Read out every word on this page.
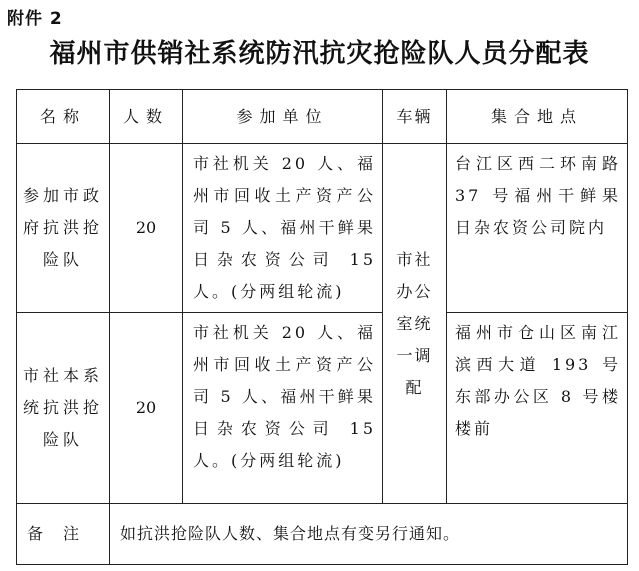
附件 2
福州市供销社系统防汛抗灾抢险队人员分配表
名称	人数	参加单位	车辆	集合地点
参加市政府抗洪抢险队	20	市社机关 20 人、福州市回收土产资产公司 5 人、福州干鲜果日杂农资公司 15 人。(分两组轮流)	市社办公室统一调配	台江区西二环南路 37 号福州干鲜果日杂农资公司院内
市社本系统抗洪抢险队	20	市社机关 20 人、福州市回收土产资产公司 5 人、福州干鲜果日杂农资公司 15 人。(分两组轮流)		福州市仓山区南江滨西大道 193 号东部办公区 8 号楼楼前
备注	如抗洪抢险队人数、集合地点有变另行通知。			
